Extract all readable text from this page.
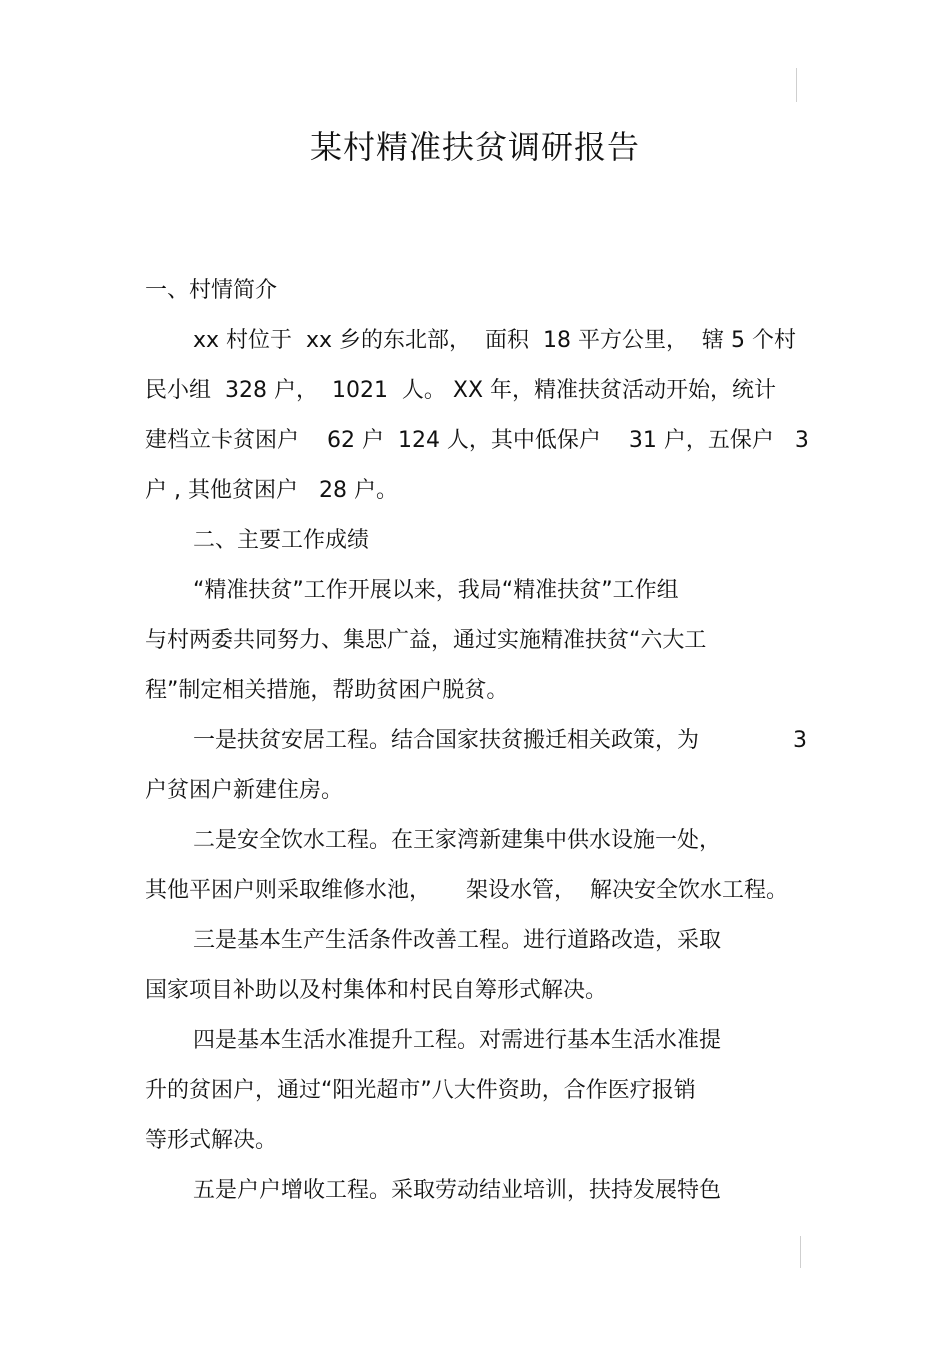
某村精准扶贫调研报告
一、村情简介
xx 村位于  xx 乡的东北部，  面积  18 平方公里，  辖 5 个村
民小组  328 户，  1021  人。 XX 年，精准扶贫活动开始，统计
建档立卡贫困户    62 户  124 人，其中低保户    31 户，五保户   3
户 , 其他贫困户   28 户。
二、主要工作成绩
“精准扶贫”工作开展以来，我局“精准扶贫”工作组
与村两委共同努力、集思广益，通过实施精准扶贫“六大工
程”制定相关措施，帮助贫困户脱贫。
一是扶贫安居工程。结合国家扶贫搬迁相关政策，为	3
户贫困户新建住房。
二是安全饮水工程。在王家湾新建集中供水设施一处，
其他平困户则采取维修水池，     架设水管，  解决安全饮水工程。
三是基本生产生活条件改善工程。进行道路改造，采取
国家项目补助以及村集体和村民自筹形式解决。
四是基本生活水准提升工程。对需进行基本生活水准提
升的贫困户，通过“阳光超市”八大件资助，合作医疗报销
等形式解决。
五是户户增收工程。采取劳动结业培训，扶持发展特色
